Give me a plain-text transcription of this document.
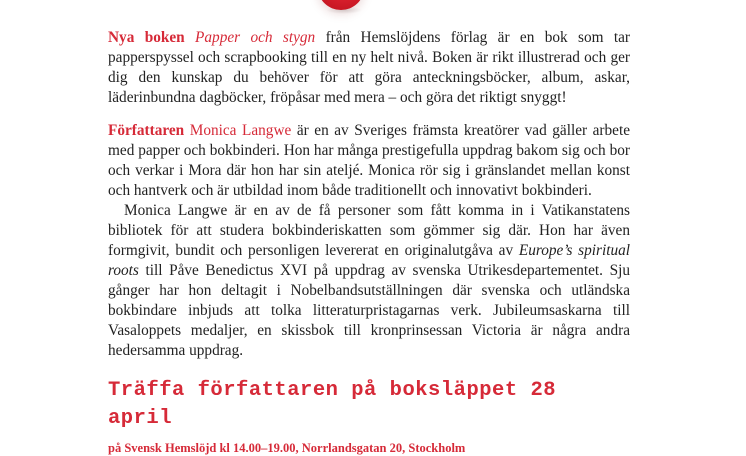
Nya boken Papper och stygn från Hemslöjdens förlag är en bok som tar papperspyssel och scrapbooking till en ny helt nivå. Boken är rikt illustrerad och ger dig den kunskap du behöver för att göra anteckningsböcker, album, askar, läderinbundna dagböcker, fröpåsar med mera – och göra det riktigt snyggt!

Författaren Monica Langwe är en av Sveriges främsta kreatörer vad gäller arbete med papper och bokbinderi. Hon har många prestigefulla uppdrag bakom sig och bor och verkar i Mora där hon har sin ateljé. Monica rör sig i gränslandet mellan konst och hantverk och är utbildad inom både traditionellt och innovativt bokbinderi.

Monica Langwe är en av de få personer som fått komma in i Vatikanstatens bibliotek för att studera bokbinderiskatten som gömmer sig där. Hon har även formgivit, bundit och personligen levererat en originalutgåva av Europe’s spiritual roots till Påve Benedictus XVI på uppdrag av svenska Utrikesdepartementet. Sju gånger har hon deltagit i Nobelbandsutställningen där svenska och utländska bokbindare inbjuds att tolka litteraturpristagarnas verk. Jubileumsaskarna till Vasaloppets medaljer, en skissbok till kronprinsessan Victoria är några andra hedersamma uppdrag.

Träffa författaren på boksläppet 28 april
på Svensk Hemslöjd kl 14.00–19.00, Norrlandsgatan 20, Stockholm
